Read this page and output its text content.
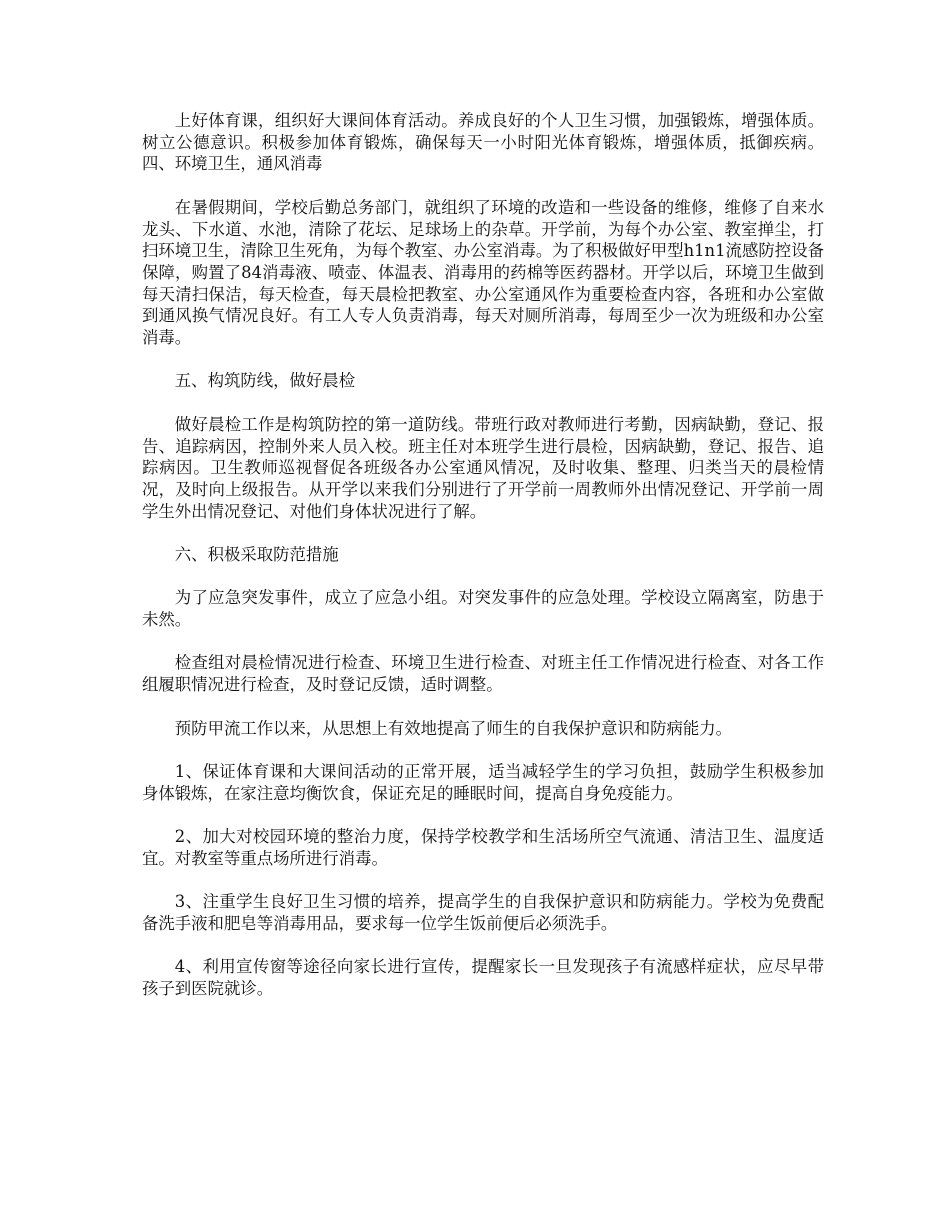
上好体育课，组织好大课间体育活动。养成良好的个人卫生习惯，加强锻炼，增强体质。树立公德意识。积极参加体育锻炼，确保每天一小时阳光体育锻炼，增强体质，抵御疾病。四、环境卫生，通风消毒

在暑假期间，学校后勤总务部门，就组织了环境的改造和一些设备的维修，维修了自来水龙头、下水道、水池，清除了花坛、足球场上的杂草。开学前，为每个办公室、教室掸尘，打扫环境卫生，清除卫生死角，为每个教室、办公室消毒。为了积极做好甲型h1n1流感防控设备保障，购置了84消毒液、喷壶、体温表、消毒用的药棉等医药器材。开学以后，环境卫生做到每天清扫保洁，每天检查，每天晨检把教室、办公室通风作为重要检查内容，各班和办公室做到通风换气情况良好。有工人专人负责消毒，每天对厕所消毒，每周至少一次为班级和办公室消毒。

五、构筑防线，做好晨检

做好晨检工作是构筑防控的第一道防线。带班行政对教师进行考勤，因病缺勤，登记、报告、追踪病因，控制外来人员入校。班主任对本班学生进行晨检，因病缺勤，登记、报告、追踪病因。卫生教师巡视督促各班级各办公室通风情况，及时收集、整理、归类当天的晨检情况，及时向上级报告。从开学以来我们分别进行了开学前一周教师外出情况登记、开学前一周学生外出情况登记、对他们身体状况进行了解。

六、积极采取防范措施

为了应急突发事件，成立了应急小组。对突发事件的应急处理。学校设立隔离室，防患于未然。

检查组对晨检情况进行检查、环境卫生进行检查、对班主任工作情况进行检查、对各工作组履职情况进行检查，及时登记反馈，适时调整。

预防甲流工作以来，从思想上有效地提高了师生的自我保护意识和防病能力。

1、保证体育课和大课间活动的正常开展，适当减轻学生的学习负担，鼓励学生积极参加身体锻炼，在家注意均衡饮食，保证充足的睡眠时间，提高自身免疫能力。

2、加大对校园环境的整治力度，保持学校教学和生活场所空气流通、清洁卫生、温度适宜。对教室等重点场所进行消毒。

3、注重学生良好卫生习惯的培养，提高学生的自我保护意识和防病能力。学校为免费配备洗手液和肥皂等消毒用品，要求每一位学生饭前便后必须洗手。

4、利用宣传窗等途径向家长进行宣传，提醒家长一旦发现孩子有流感样症状，应尽早带孩子到医院就诊。
